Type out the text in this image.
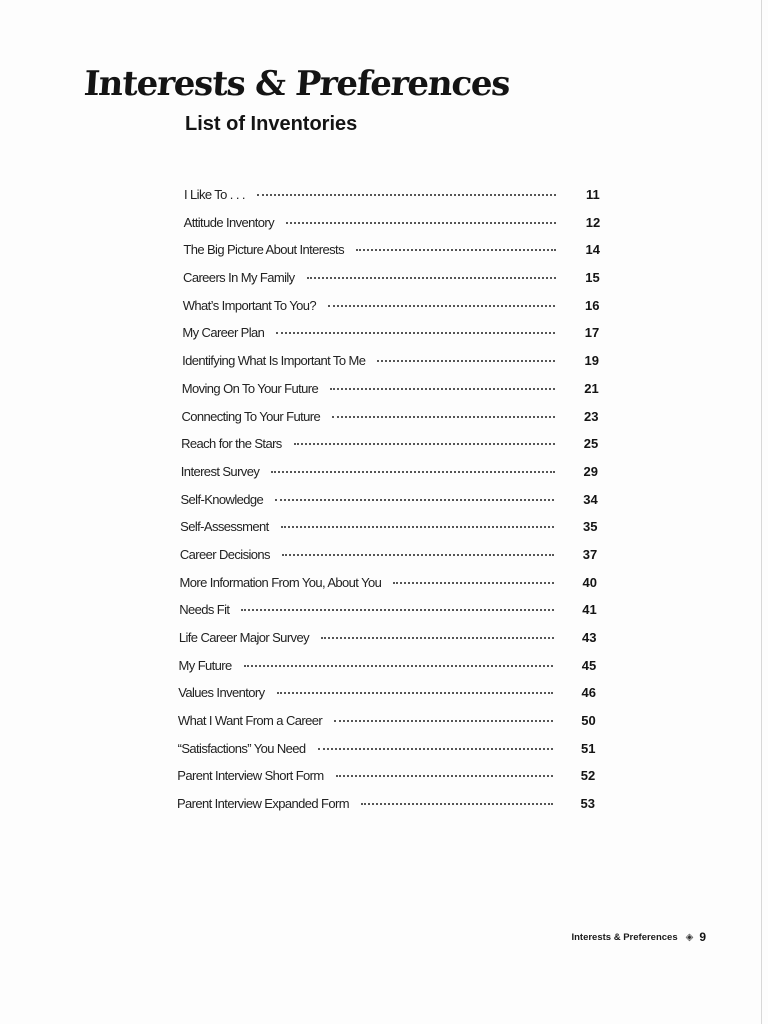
Interests & Preferences
List of Inventories
I Like To . . .	11
Attitude Inventory	12
The Big Picture About Interests	14
Careers In My Family	15
What’s Important To You?	16
My Career Plan	17
Identifying What Is Important To Me	19
Moving On To Your Future	21
Connecting To Your Future	23
Reach for the Stars	25
Interest Survey	29
Self-Knowledge	34
Self-Assessment	35
Career Decisions	37
More Information From You, About You	40
Needs Fit	41
Life Career Major Survey	43
My Future	45
Values Inventory	46
What I Want From a Career	50
“Satisfactions” You Need	51
Parent Interview Short Form	52
Parent Interview Expanded Form	53
Interests & Preferences ◈ 9
